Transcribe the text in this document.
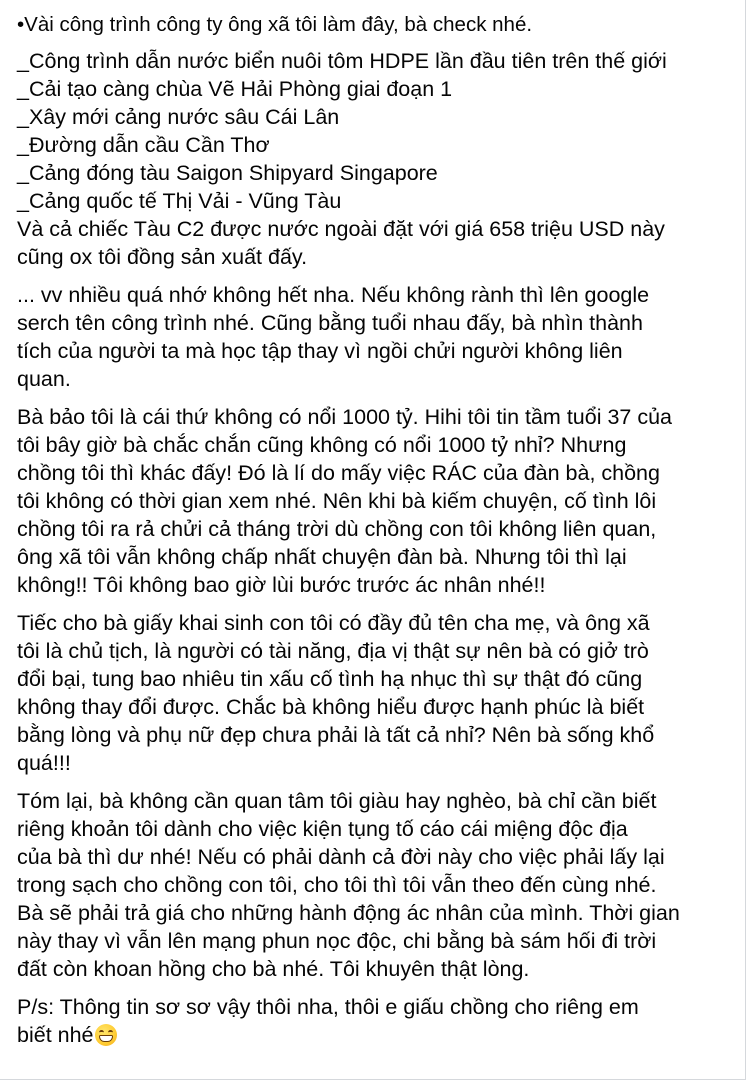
•Vài công trình công ty ông xã tôi làm đây, bà check nhé.
_Công trình dẫn nước biển nuôi tôm HDPE lần đầu tiên trên thế giới
_Cải tạo càng chùa Vẽ Hải Phòng giai đoạn 1
_Xây mới cảng nước sâu Cái Lân
_Đường dẫn cầu Cần Thơ
_Cảng đóng tàu Saigon Shipyard Singapore
_Cảng quốc tế Thị Vải - Vũng Tàu
Và cả chiếc Tàu C2 được nước ngoài đặt với giá 658 triệu USD này
cũng ox tôi đồng sản xuất đấy.
... vv nhiều quá nhớ không hết nha. Nếu không rành thì lên google
serch tên công trình nhé. Cũng bằng tuổi nhau đấy, bà nhìn thành
tích của người ta mà học tập thay vì ngồi chửi người không liên
quan.
Bà bảo tôi là cái thứ không có nổi 1000 tỷ. Hihi tôi tin tầm tuổi 37 của
tôi bây giờ bà chắc chắn cũng không có nổi 1000 tỷ nhỉ? Nhưng
chồng tôi thì khác đấy! Đó là lí do mấy việc RÁC của đàn bà, chồng
tôi không có thời gian xem nhé. Nên khi bà kiếm chuyện, cố tình lôi
chồng tôi ra rả chửi cả tháng trời dù chồng con tôi không liên quan,
ông xã tôi vẫn không chấp nhất chuyện đàn bà. Nhưng tôi thì lại
không!! Tôi không bao giờ lùi bước trước ác nhân nhé!!
Tiếc cho bà giấy khai sinh con tôi có đầy đủ tên cha mẹ, và ông xã
tôi là chủ tịch, là người có tài năng, địa vị thật sự nên bà có giở trò
đổi bại, tung bao nhiêu tin xấu cố tình hạ nhục thì sự thật đó cũng
không thay đổi được. Chắc bà không hiểu được hạnh phúc là biết
bằng lòng và phụ nữ đẹp chưa phải là tất cả nhỉ? Nên bà sống khổ
quá!!!
Tóm lại, bà không cần quan tâm tôi giàu hay nghèo, bà chỉ cần biết
riêng khoản tôi dành cho việc kiện tụng tố cáo cái miệng độc địa
của bà thì dư nhé! Nếu có phải dành cả đời này cho việc phải lấy lại
trong sạch cho chồng con tôi, cho tôi thì tôi vẫn theo đến cùng nhé.
Bà sẽ phải trả giá cho những hành động ác nhân của mình. Thời gian
này thay vì vẫn lên mạng phun nọc độc, chi bằng bà sám hối đi trời
đất còn khoan hồng cho bà nhé. Tôi khuyên thật lòng.
P/s: Thông tin sơ sơ vậy thôi nha, thôi e giấu chồng cho riêng em
biết nhé
